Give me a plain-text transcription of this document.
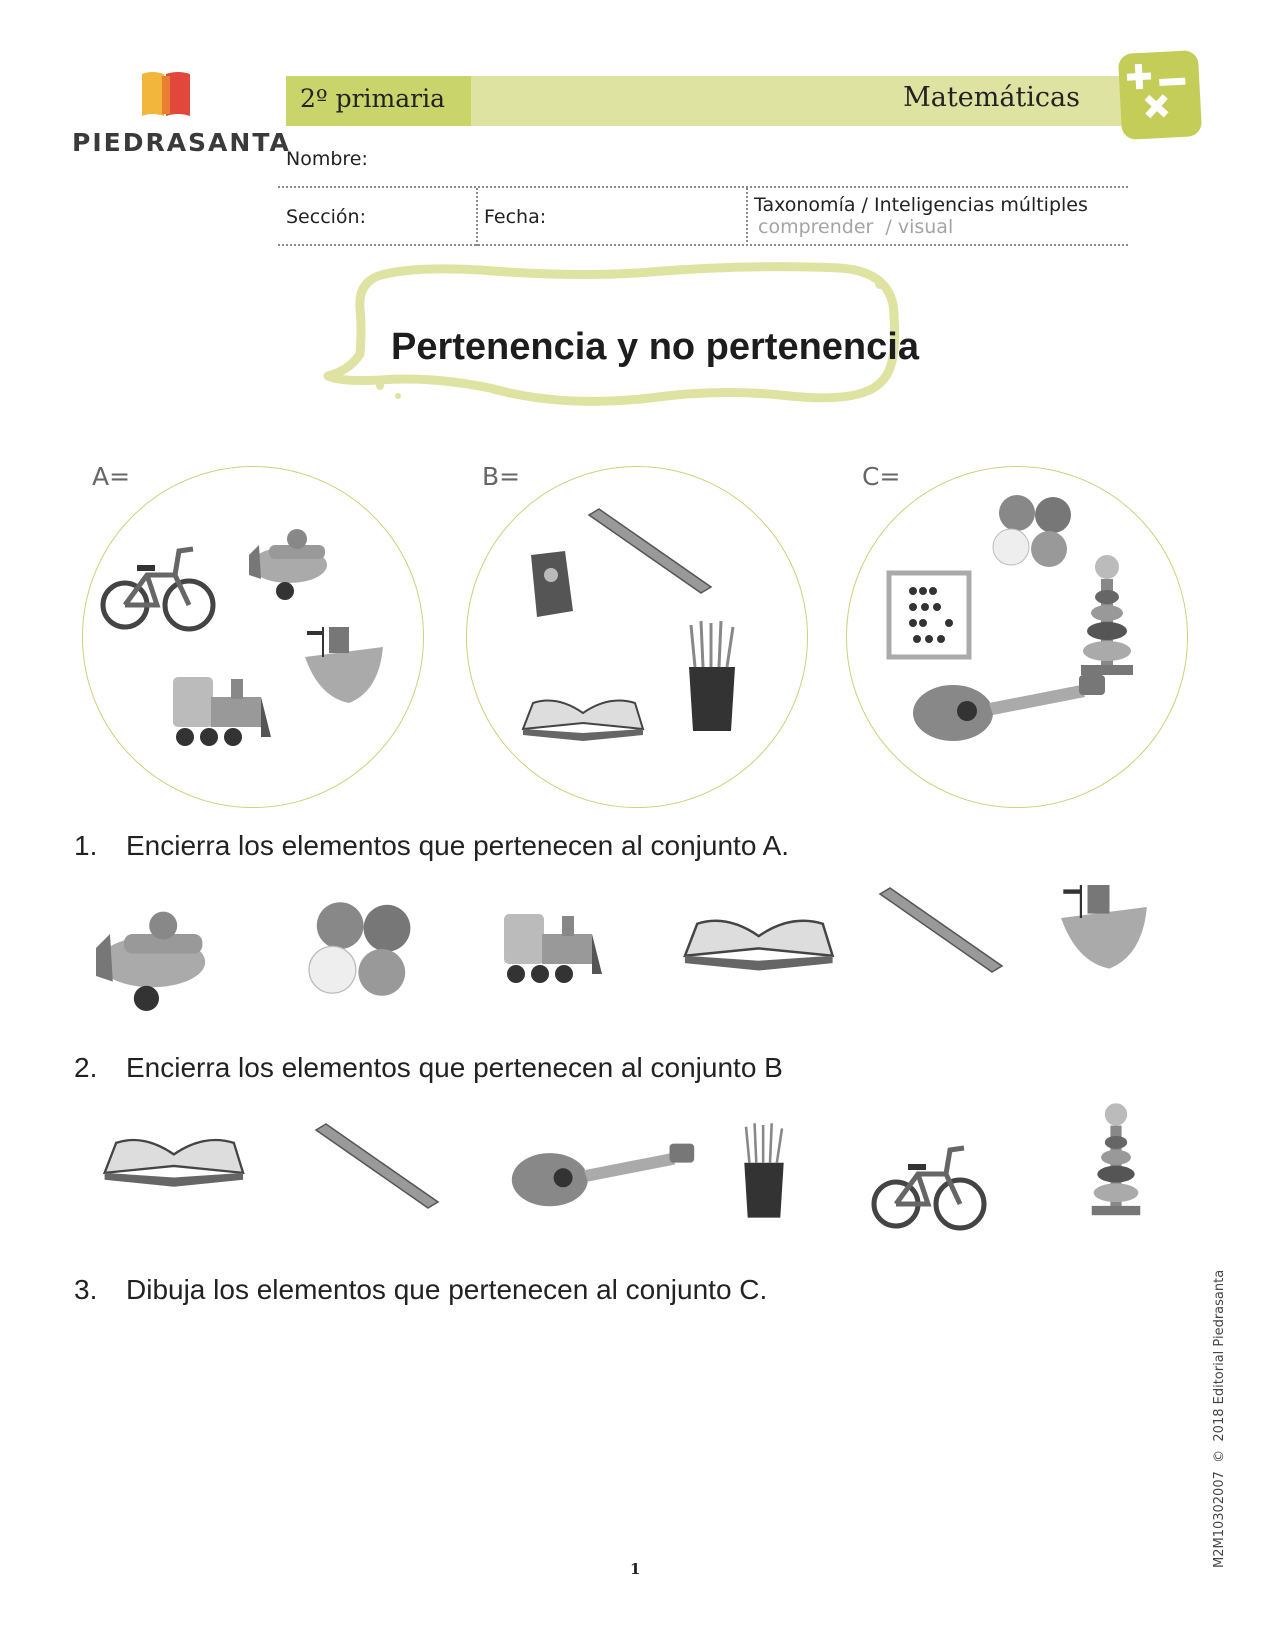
PIEDRASANTA
2º primaria	Matemáticas
Nombre:
Sección:	Fecha:
Taxonomía / Inteligencias múltiples
comprender  / visual
Pertenencia y no pertenencia
A=	B=	C=
1. Encierra los elementos que pertenecen al conjunto A.
2. Encierra los elementos que pertenecen al conjunto B
3. Dibuja los elementos que pertenecen al conjunto C.	M2M10302007  ©  2018 Editorial Piedrasanta
1
